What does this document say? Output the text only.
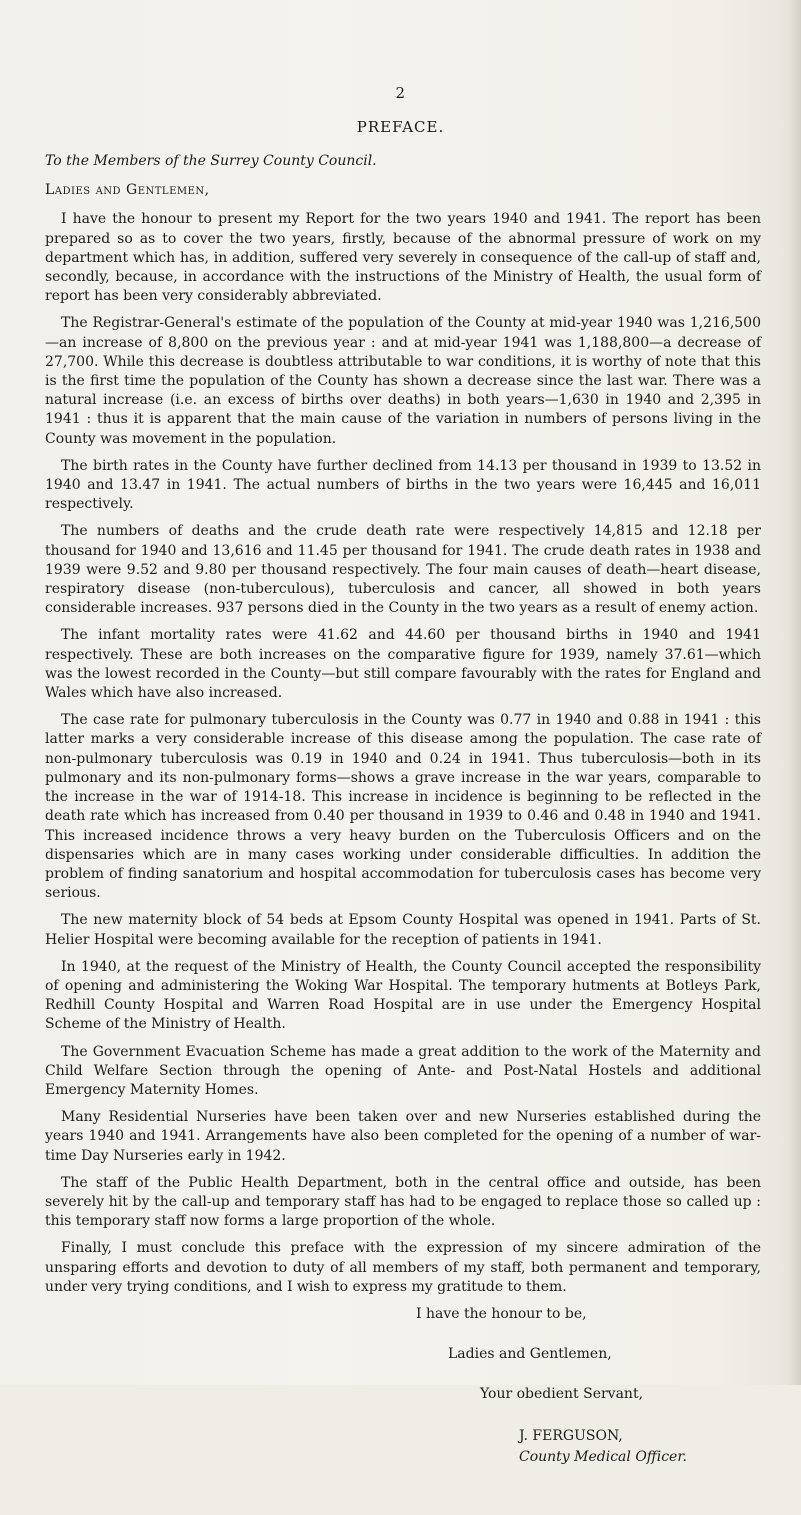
2
PREFACE.

To the Members of the Surrey County Council.

Ladies and Gentlemen,

I have the honour to present my Report for the two years 1940 and 1941. The report has been prepared so as to cover the two years, firstly, because of the abnormal pressure of work on my department which has, in addition, suffered very severely in consequence of the call-up of staff and, secondly, because, in accordance with the instructions of the Ministry of Health, the usual form of report has been very considerably abbreviated.

The Registrar-General's estimate of the population of the County at mid-year 1940 was 1,216,500—an increase of 8,800 on the previous year : and at mid-year 1941 was 1,188,800—a decrease of 27,700. While this decrease is doubtless attributable to war conditions, it is worthy of note that this is the first time the population of the County has shown a decrease since the last war. There was a natural increase (i.e. an excess of births over deaths) in both years—1,630 in 1940 and 2,395 in 1941 : thus it is apparent that the main cause of the variation in numbers of persons living in the County was movement in the population.

The birth rates in the County have further declined from 14.13 per thousand in 1939 to 13.52 in 1940 and 13.47 in 1941. The actual numbers of births in the two years were 16,445 and 16,011 respectively.

The numbers of deaths and the crude death rate were respectively 14,815 and 12.18 per thousand for 1940 and 13,616 and 11.45 per thousand for 1941. The crude death rates in 1938 and 1939 were 9.52 and 9.80 per thousand respectively. The four main causes of death—heart disease, respiratory disease (non-tuberculous), tuberculosis and cancer, all showed in both years considerable increases. 937 persons died in the County in the two years as a result of enemy action.

The infant mortality rates were 41.62 and 44.60 per thousand births in 1940 and 1941 respectively. These are both increases on the comparative figure for 1939, namely 37.61—which was the lowest recorded in the County—but still compare favourably with the rates for England and Wales which have also increased.

The case rate for pulmonary tuberculosis in the County was 0.77 in 1940 and 0.88 in 1941 : this latter marks a very considerable increase of this disease among the population. The case rate of non-pulmonary tuberculosis was 0.19 in 1940 and 0.24 in 1941. Thus tuberculosis—both in its pulmonary and its non-pulmonary forms—shows a grave increase in the war years, comparable to the increase in the war of 1914-18. This increase in incidence is beginning to be reflected in the death rate which has increased from 0.40 per thousand in 1939 to 0.46 and 0.48 in 1940 and 1941. This increased incidence throws a very heavy burden on the Tuberculosis Officers and on the dispensaries which are in many cases working under considerable difficulties. In addition the problem of finding sanatorium and hospital accommodation for tuberculosis cases has become very serious.

The new maternity block of 54 beds at Epsom County Hospital was opened in 1941. Parts of St. Helier Hospital were becoming available for the reception of patients in 1941.

In 1940, at the request of the Ministry of Health, the County Council accepted the responsibility of opening and administering the Woking War Hospital. The temporary hutments at Botleys Park, Redhill County Hospital and Warren Road Hospital are in use under the Emergency Hospital Scheme of the Ministry of Health.

The Government Evacuation Scheme has made a great addition to the work of the Maternity and Child Welfare Section through the opening of Ante- and Post-Natal Hostels and additional Emergency Maternity Homes.

Many Residential Nurseries have been taken over and new Nurseries established during the years 1940 and 1941. Arrangements have also been completed for the opening of a number of war-time Day Nurseries early in 1942.

The staff of the Public Health Department, both in the central office and outside, has been severely hit by the call-up and temporary staff has had to be engaged to replace those so called up : this temporary staff now forms a large proportion of the whole.

Finally, I must conclude this preface with the expression of my sincere admiration of the unsparing efforts and devotion to duty of all members of my staff, both permanent and temporary, under very trying conditions, and I wish to express my gratitude to them.

I have the honour to be,
Ladies and Gentlemen,
Your obedient Servant,
J. FERGUSON,
County Medical Officer.
